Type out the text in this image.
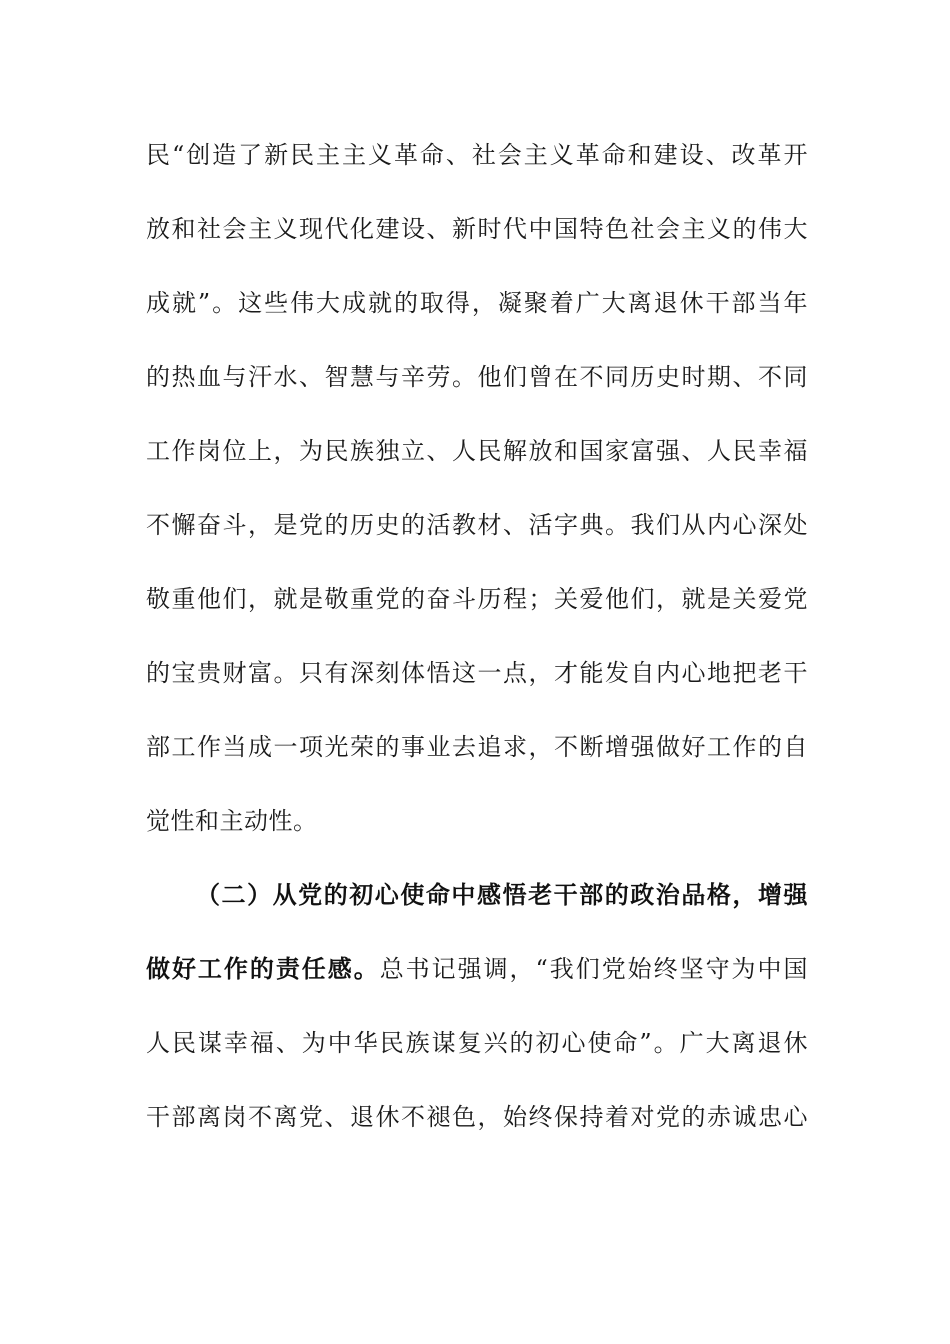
民“创造了新民主主义革命、社会主义革命和建设、改革开
放和社会主义现代化建设、新时代中国特色社会主义的伟大
成就”。这些伟大成就的取得，凝聚着广大离退休干部当年
的热血与汗水、智慧与辛劳。他们曾在不同历史时期、不同
工作岗位上，为民族独立、人民解放和国家富强、人民幸福
不懈奋斗，是党的历史的活教材、活字典。我们从内心深处
敬重他们，就是敬重党的奋斗历程；关爱他们，就是关爱党
的宝贵财富。只有深刻体悟这一点，才能发自内心地把老干
部工作当成一项光荣的事业去追求，不断增强做好工作的自
觉性和主动性。
（二）从党的初心使命中感悟老干部的政治品格，增强
做好工作的责任感。总书记强调，“我们党始终坚守为中国
人民谋幸福、为中华民族谋复兴的初心使命”。广大离退休
干部离岗不离党、退休不褪色，始终保持着对党的赤诚忠心
